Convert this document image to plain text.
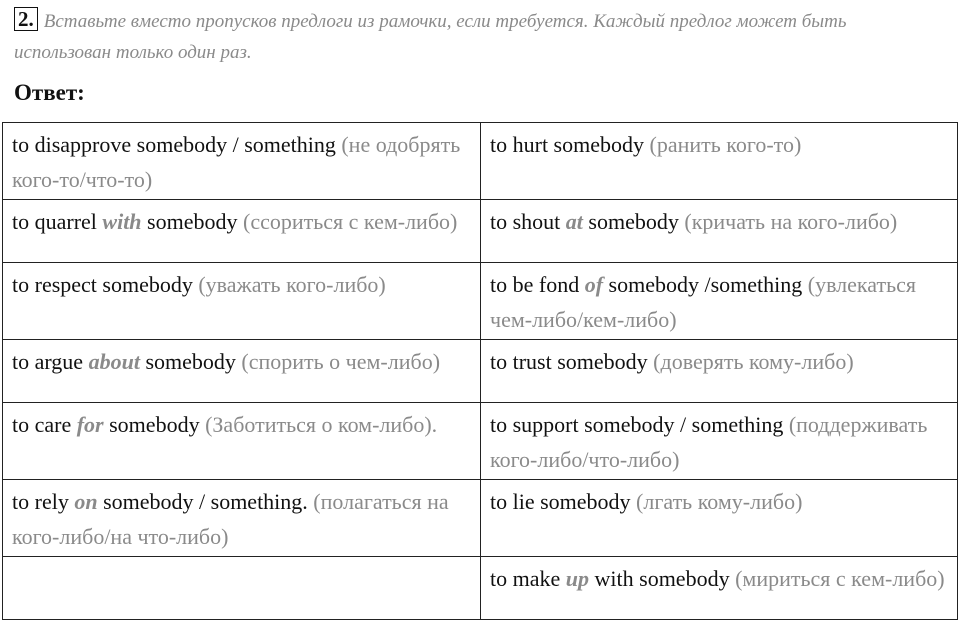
2. Вставьте вместо пропусков предлоги из рамочки, если требуется. Каждый предлог может быть использован только один раз.
Ответ:
to disapprove somebody / something (не одобрять кого-то/что-то)	to hurt somebody (ранить кого-то)
to quarrel with somebody (ссориться с кем-либо)	to shout at somebody (кричать на кого-либо)
to respect somebody (уважать кого-либо)	to be fond of somebody /something (увлекаться чем-либо/кем-либо)
to argue about somebody (спорить о чем-либо)	to trust somebody (доверять кому-либо)
to care for somebody (Заботиться о ком-либо).	to support somebody / something (поддерживать кого-либо/что-либо)
to rely on somebody / something. (полагаться на кого-либо/на что-либо)	to lie somebody (лгать кому-либо)
	to make up with somebody (мириться с кем-либо)
